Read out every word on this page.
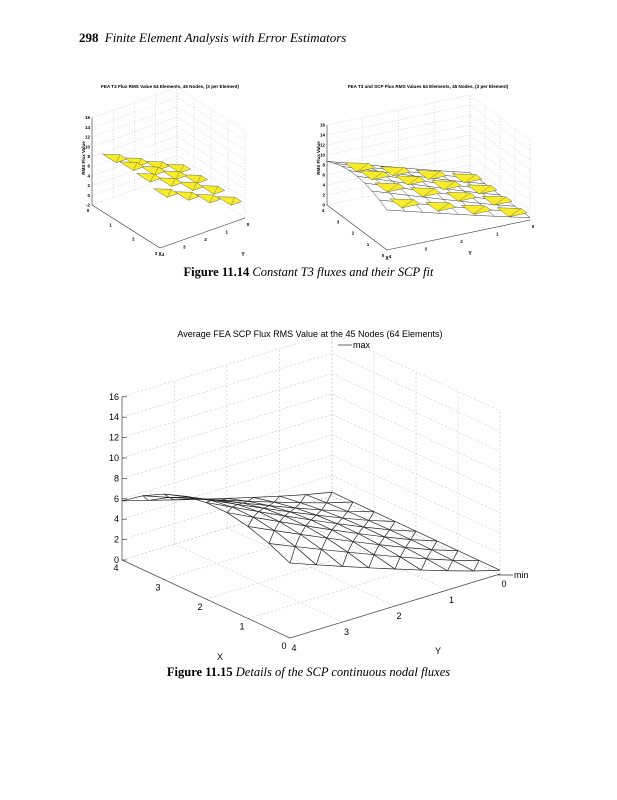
298 Finite Element Analysis with Error Estimators
FEA T3 Flux RMS Value 64 Elements, 45 Nodes, (3 per Element)
16
14
12
10
8
6
4
2
0
-2
0
1
2
3 4
3
2
1
0
RMS Flux Value
X	Y
FEA T3 and SCP Flux RMS Values 64 Elements, 45 Nodes, (3 per Element)
16
14
12
10
8
6
4
2
0
4
3
2
1
0 4
3
2
1
0
RMS Flux Value
X
Y
Figure 11.14 Constant T3 fluxes and their SCP fit
Average FEA SCP Flux RMS Value at the 45 Nodes (64 Elements)
16
14
12
10
8
6
4
2
0
4
3
2
1
0 4
3
2
1
0
X
Y
max
min
Figure 11.15 Details of the SCP continuous nodal fluxes
